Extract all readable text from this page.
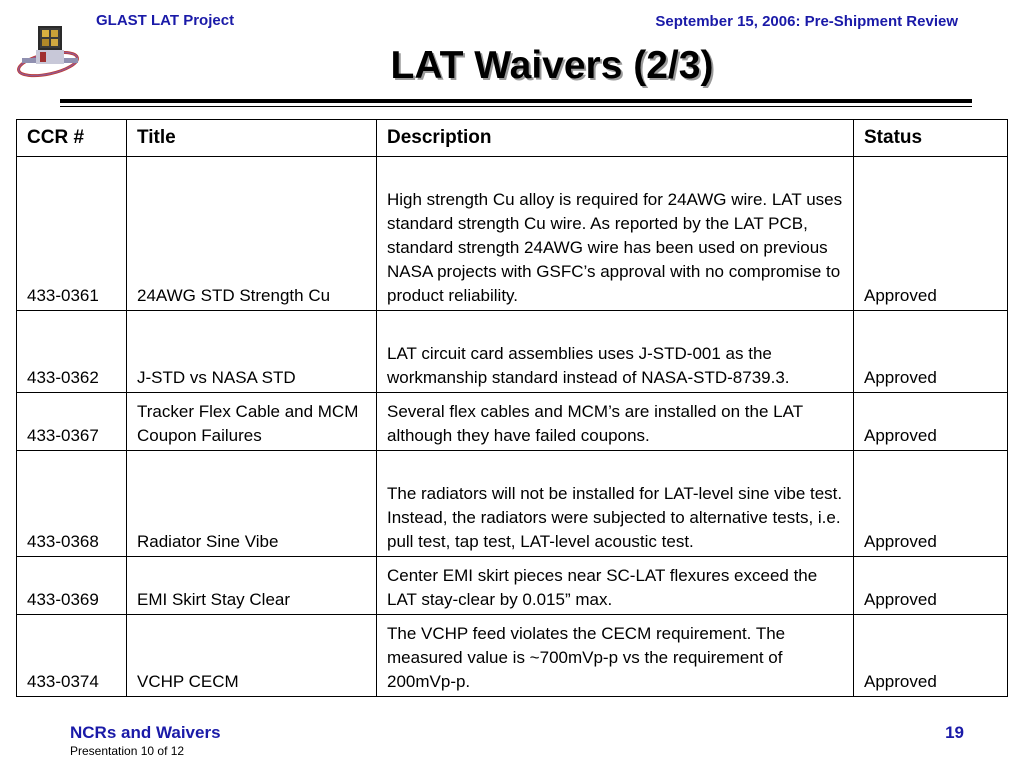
GLAST LAT Project	September 15, 2006: Pre-Shipment Review
LAT Waivers (2/3)
CCR #	Title	Description	Status
433-0361	24AWG STD Strength Cu	High strength Cu alloy is required for 24AWG wire. LAT uses standard strength Cu wire. As reported by the LAT PCB, standard strength 24AWG wire has been used on previous NASA projects with GSFC’s approval with no compromise to product reliability.	Approved
433-0362	J-STD vs NASA STD	LAT circuit card assemblies uses J-STD-001 as the workmanship standard instead of NASA-STD-8739.3.	Approved
433-0367	Tracker Flex Cable and MCM Coupon Failures	Several flex cables and MCM’s are installed on the LAT although they have failed coupons.	Approved
433-0368	Radiator Sine Vibe	The radiators will not be installed for LAT-level sine vibe test. Instead, the radiators were subjected to alternative tests, i.e. pull test, tap test, LAT-level acoustic test.	Approved
433-0369	EMI Skirt Stay Clear	Center EMI skirt pieces near SC-LAT flexures exceed the LAT stay-clear by 0.015” max.	Approved
433-0374	VCHP CECM	The VCHP feed violates the CECM requirement. The measured value is ~700mVp-p vs the requirement of 200mVp-p.	Approved
NCRs and Waivers
Presentation 10 of 12
19
